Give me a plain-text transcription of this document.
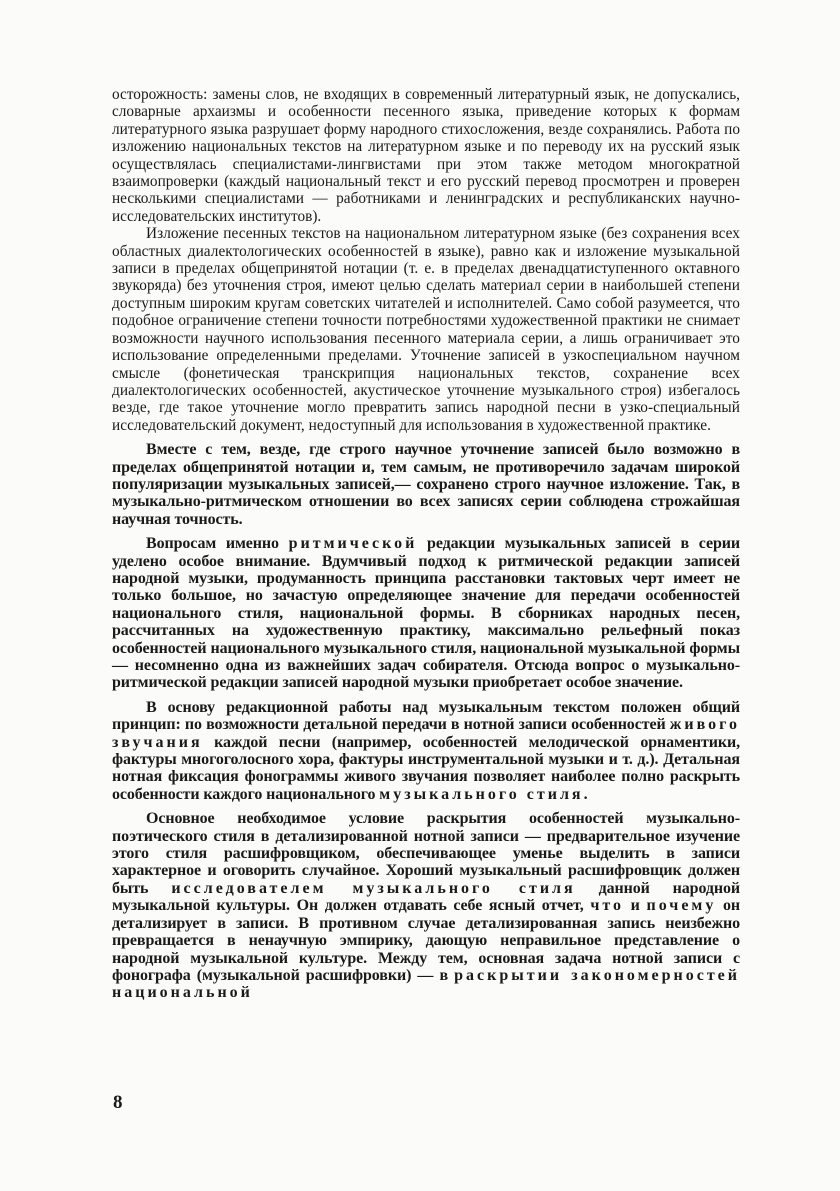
осторожность: замены слов, не входящих в современный литературный язык, не допускались, словарные архаизмы и особенности песенного языка, приведение которых к формам литературного языка разрушает форму народного стихосложения, везде сохранялись. Работа по изложению национальных текстов на литературном языке и по переводу их на русский язык осуществлялась специалистами-лингвистами при этом также методом многократной взаимопроверки (каждый национальный текст и его русский перевод просмотрен и проверен несколькими специалистами — работниками и ленинградских и республиканских научно-исследовательских институтов).

Изложение песенных текстов на национальном литературном языке (без сохранения всех областных диалектологических особенностей в языке), равно как и изложение музыкальной записи в пределах общепринятой нотации (т. е. в пределах двенадцатиступенного октавного звукоряда) без уточнения строя, имеют целью сделать материал серии в наибольшей степени доступным широким кругам советских читателей и исполнителей. Само собой разумеется, что подобное ограничение степени точности потребностями художественной практики не снимает возможности научного использования песенного материала серии, а лишь ограничивает это использование определенными пределами. Уточнение записей в узкоспециальном научном смысле (фонетическая транскрипция национальных текстов, сохранение всех диалектологических особенностей, акустическое уточнение музыкального строя) избегалось везде, где такое уточнение могло превратить запись народной песни в узко-специальный исследовательский документ, недоступный для использования в художественной практике.

Вместе с тем, везде, где строго научное уточнение записей было возможно в пределах общепринятой нотации и, тем самым, не противоречило задачам широкой популяризации музыкальных записей,— сохранено строго научное изложение. Так, в музыкально-ритмическом отношении во всех записях серии соблюдена строжайшая научная точность.

Вопросам именно ритмической редакции музыкальных записей в серии уделено особое внимание. Вдумчивый подход к ритмической редакции записей народной музыки, продуманность принципа расстановки тактовых черт имеет не только большое, но зачастую определяющее значение для передачи особенностей национального стиля, национальной формы. В сборниках народных песен, рассчитанных на художественную практику, максимально рельефный показ особенностей национального музыкального стиля, национальной музыкальной формы — несомненно одна из важнейших задач собирателя. Отсюда вопрос о музыкально-ритмической редакции записей народной музыки приобретает особое значение.

В основу редакционной работы над музыкальным текстом положен общий принцип: по возможности детальной передачи в нотной записи особенностей живого звучания каждой песни (например, особенностей мелодической орнаментики, фактуры многоголосного хора, фактуры инструментальной музыки и т. д.). Детальная нотная фиксация фонограммы живого звучания позволяет наиболее полно раскрыть особенности каждого национального музыкального стиля.

Основное необходимое условие раскрытия особенностей музыкально-поэтического стиля в детализированной нотной записи — предварительное изучение этого стиля расшифровщиком, обеспечивающее уменье выделить в записи характерное и оговорить случайное. Хороший музыкальный расшифровщик должен быть исследователем музыкального стиля данной народной музыкальной культуры. Он должен отдавать себе ясный отчет, что и почему он детализирует в записи. В противном случае детализированная запись неизбежно превращается в ненаучную эмпирику, дающую неправильное представление о народной музыкальной культуре. Между тем, основная задача нотной записи с фонографа (музыкальной расшифровки) — в раскрытии закономерностей национальной

8
